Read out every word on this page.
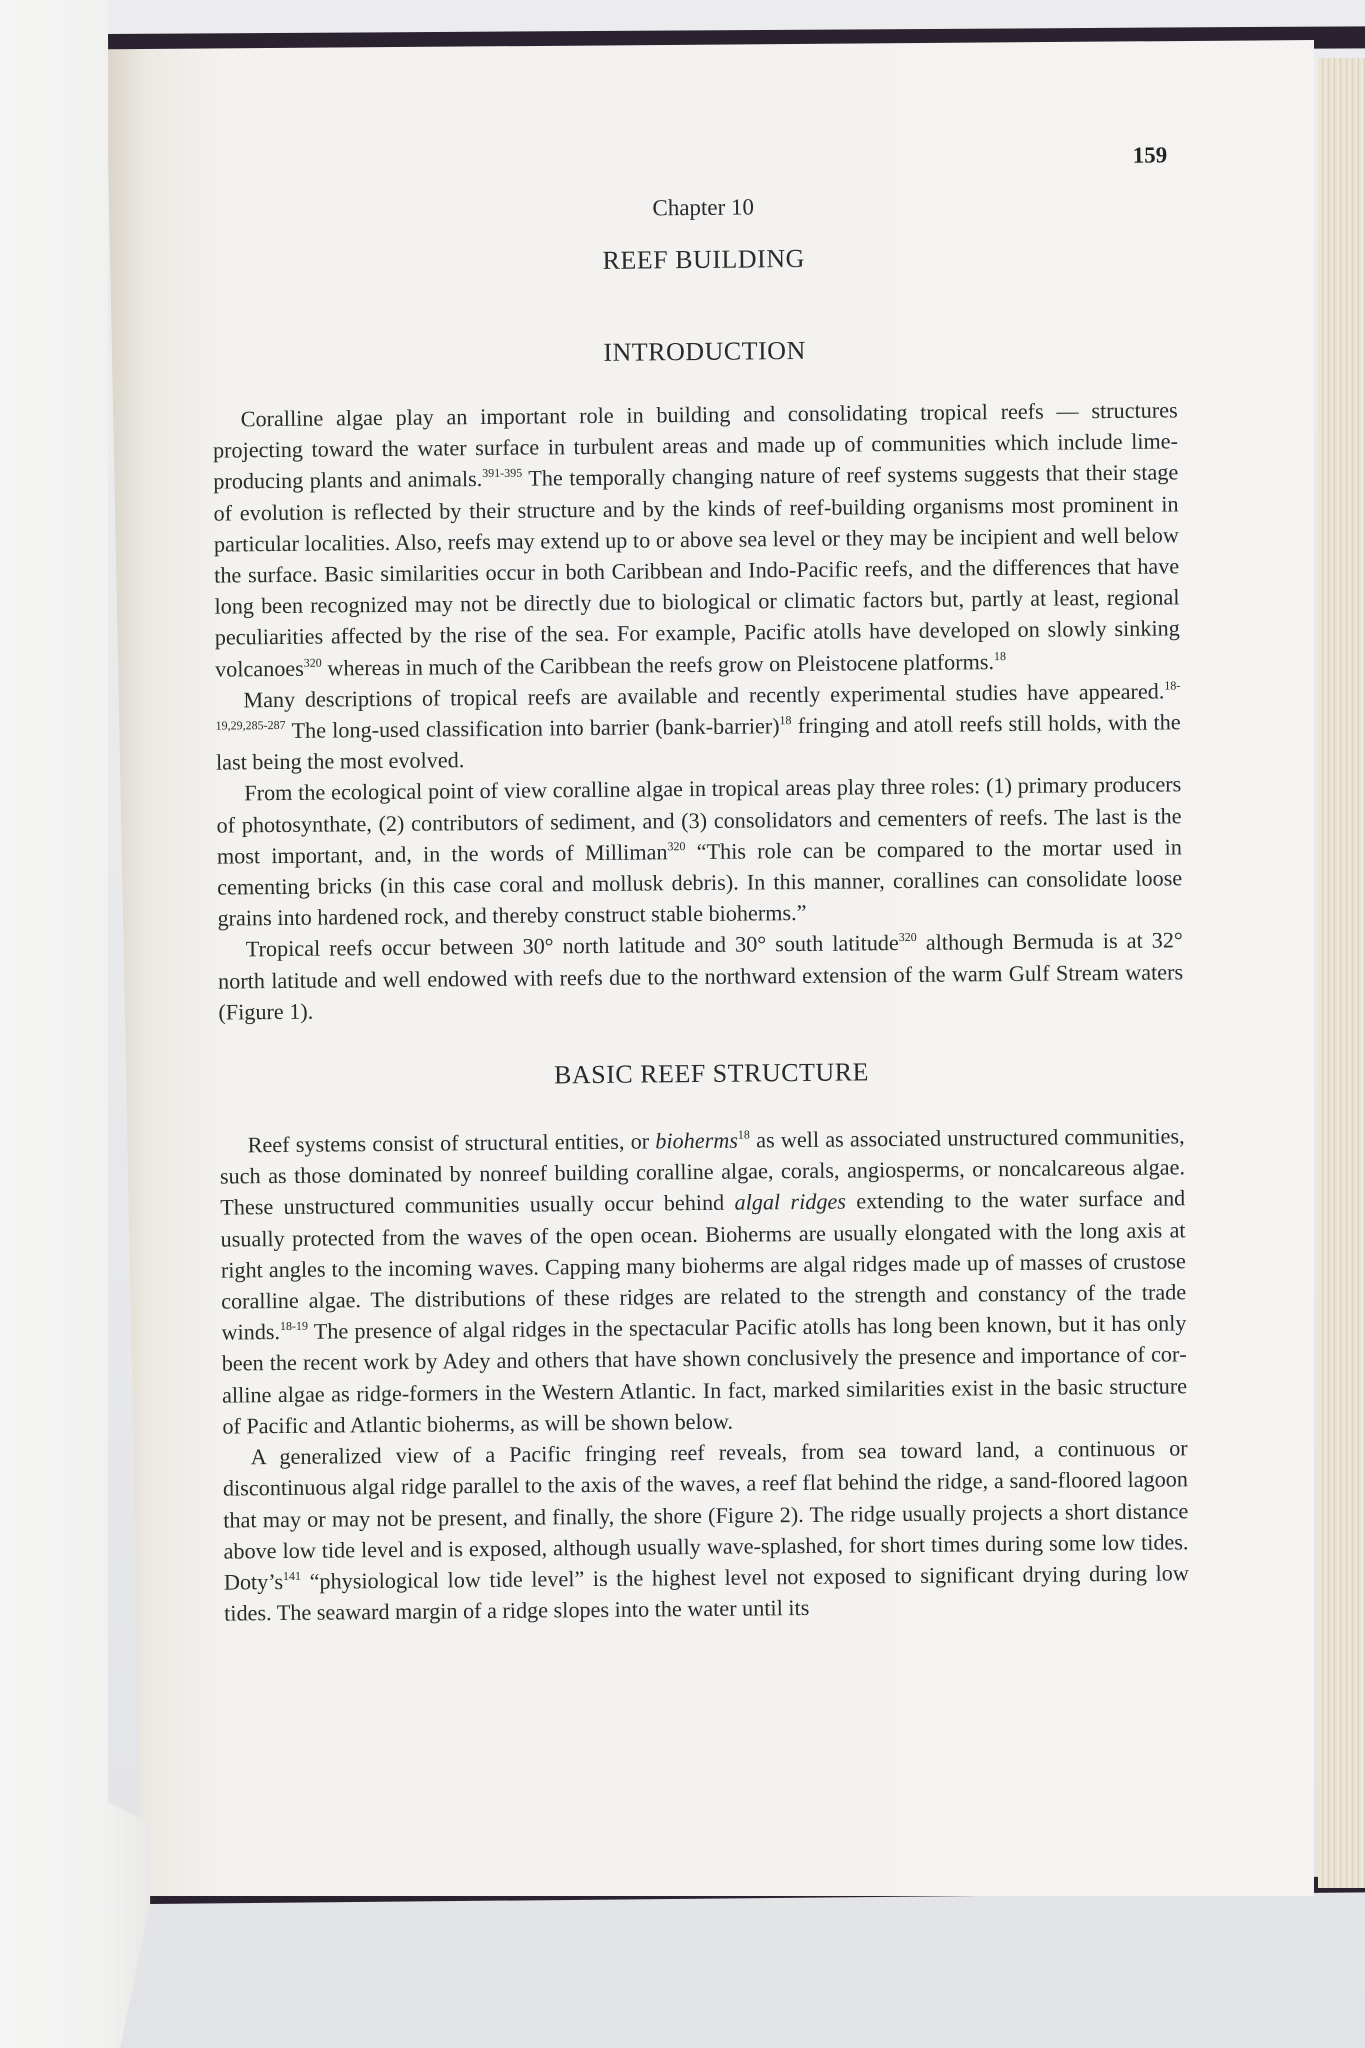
159
Chapter 10
REEF BUILDING
INTRODUCTION

Coralline algae play an important role in building and consolidating tropical reefs — structures projecting toward the water surface in turbulent areas and made up of communities which include lime-producing plants and animals.$^{391-395}$ The temporally changing nature of reef systems suggests that their stage of evolution is reflected by their structure and by the kinds of reef-building organisms most prominent in particular localities. Also, reefs may extend up to or above sea level or they may be incipient and well below the surface. Basic similarities occur in both Caribbean and Indo-Pacific reefs, and the differences that have long been recognized may not be directly due to biological or climatic factors but, partly at least, regional peculiarities affected by the rise of the sea. For example, Pacific atolls have developed on slowly sinking volcanoes$^{320}$ whereas in much of the Caribbean the reefs grow on Pleistocene platforms.$^{18}$

Many descriptions of tropical reefs are available and recently experimental studies have appeared.$^{18-19,29,285-287}$ The long-used classification into barrier (bank-barrier)$^{18}$ fringing and atoll reefs still holds, with the last being the most evolved.

From the ecological point of view coralline algae in tropical areas play three roles: (1) primary producers of photosynthate, (2) contributors of sediment, and (3) consolidators and cementers of reefs. The last is the most important, and, in the words of Milliman$^{320}$ “This role can be compared to the mortar used in cementing bricks (in this case coral and mollusk debris). In this manner, corallines can consolidate loose grains into hardened rock, and thereby construct stable bioherms.”

Tropical reefs occur between 30° north latitude and 30° south latitude$^{320}$ although Bermuda is at 32° north latitude and well endowed with reefs due to the northward extension of the warm Gulf Stream waters (Figure 1).

BASIC REEF STRUCTURE

Reef systems consist of structural entities, or bioherms$^{18}$ as well as associated unstructured communities, such as those dominated by nonreef building coralline algae, corals, angiosperms, or noncalcareous algae. These unstructured communities usually occur behind algal ridges extending to the water surface and usually protected from the waves of the open ocean. Bioherms are usually elongated with the long axis at right angles to the incoming waves. Capping many bioherms are algal ridges made up of masses of crustose coralline algae. The distributions of these ridges are related to the strength and constancy of the trade winds.$^{18-19}$ The presence of algal ridges in the spectacular Pacific atolls has long been known, but it has only been the recent work by Adey and others that have shown conclusively the presence and importance of coralline algae as ridge-formers in the Western Atlantic. In fact, marked similarities exist in the basic structure of Pacific and Atlantic bioherms, as will be shown below.

A generalized view of a Pacific fringing reef reveals, from sea toward land, a continuous or discontinuous algal ridge parallel to the axis of the waves, a reef flat behind the ridge, a sand-floored lagoon that may or may not be present, and finally, the shore (Figure 2). The ridge usually projects a short distance above low tide level and is exposed, although usually wave-splashed, for short times during some low tides. $Doty’s^{141}$ “physiological low tide level” is the highest level not exposed to significant drying during low tides. The seaward margin of a ridge slopes into the water until its
